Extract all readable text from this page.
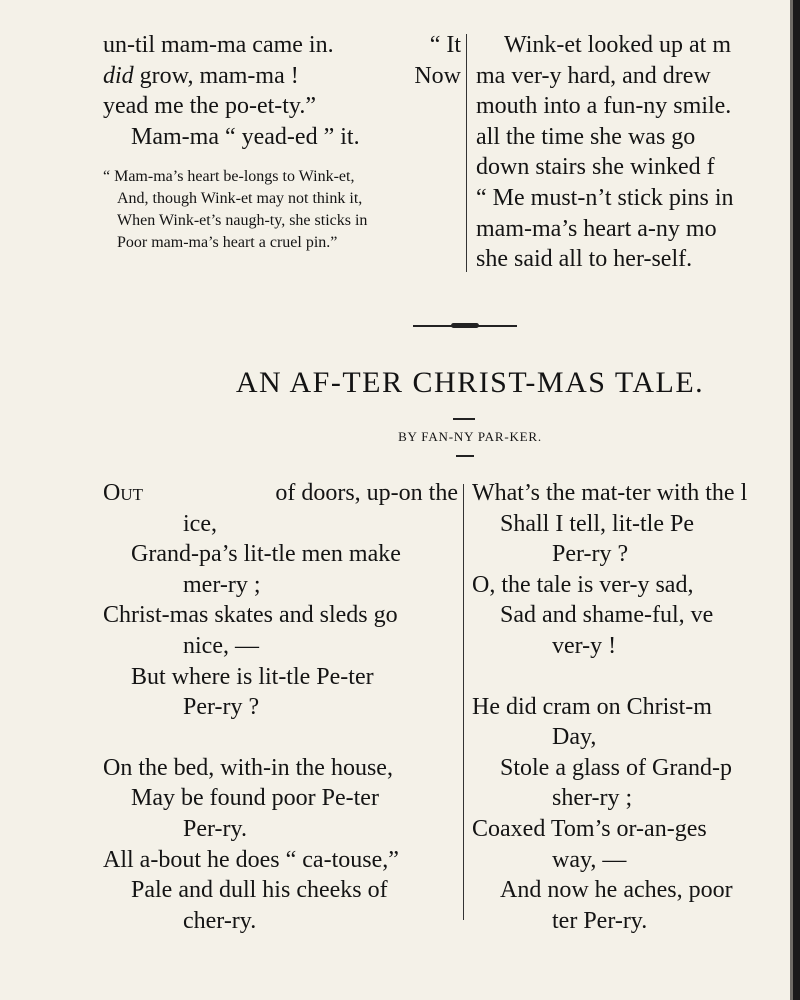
un-til mam-ma came in.	“ It
did grow, mam-ma !	Now
yead me the po-et-ty.”
Mam-ma “ yead-ed ” it.
“ Mam-ma’s heart be-longs to Wink-et,
And, though Wink-et may not think it,
When Wink-et’s naugh-ty, she sticks in
Poor mam-ma’s heart a cruel pin.”
Wink-et looked up at m
ma ver-y hard, and drew
mouth into a fun-ny smile.
all the time she was go
down stairs she winked f
“ Me must-n’t stick pins in
mam-ma’s heart a-ny mo
she said all to her-self.
AN AF-TER CHRIST-MAS TALE.
BY FAN-NY PAR-KER.
Out	of doors, up-on the
ice,
Grand-pa’s lit-tle men make
mer-ry ;
Christ-mas skates and sleds go
nice, —
But where is lit-tle Pe-ter
Per-ry ?
On the bed, with-in the house,
May be found poor Pe-ter
Per-ry.
All a-bout he does “ ca-touse,”
Pale and dull his cheeks of
cher-ry.
What’s the mat-ter with the l
Shall I tell, lit-tle Pe
Per-ry ?
O, the tale is ver-y sad,
Sad and shame-ful, ve
ver-y !
He did cram on Christ-m
Day,
Stole a glass of Grand-p
sher-ry ;
Coaxed Tom’s or-an-ges
way, —
And now he aches, poor
ter Per-ry.
